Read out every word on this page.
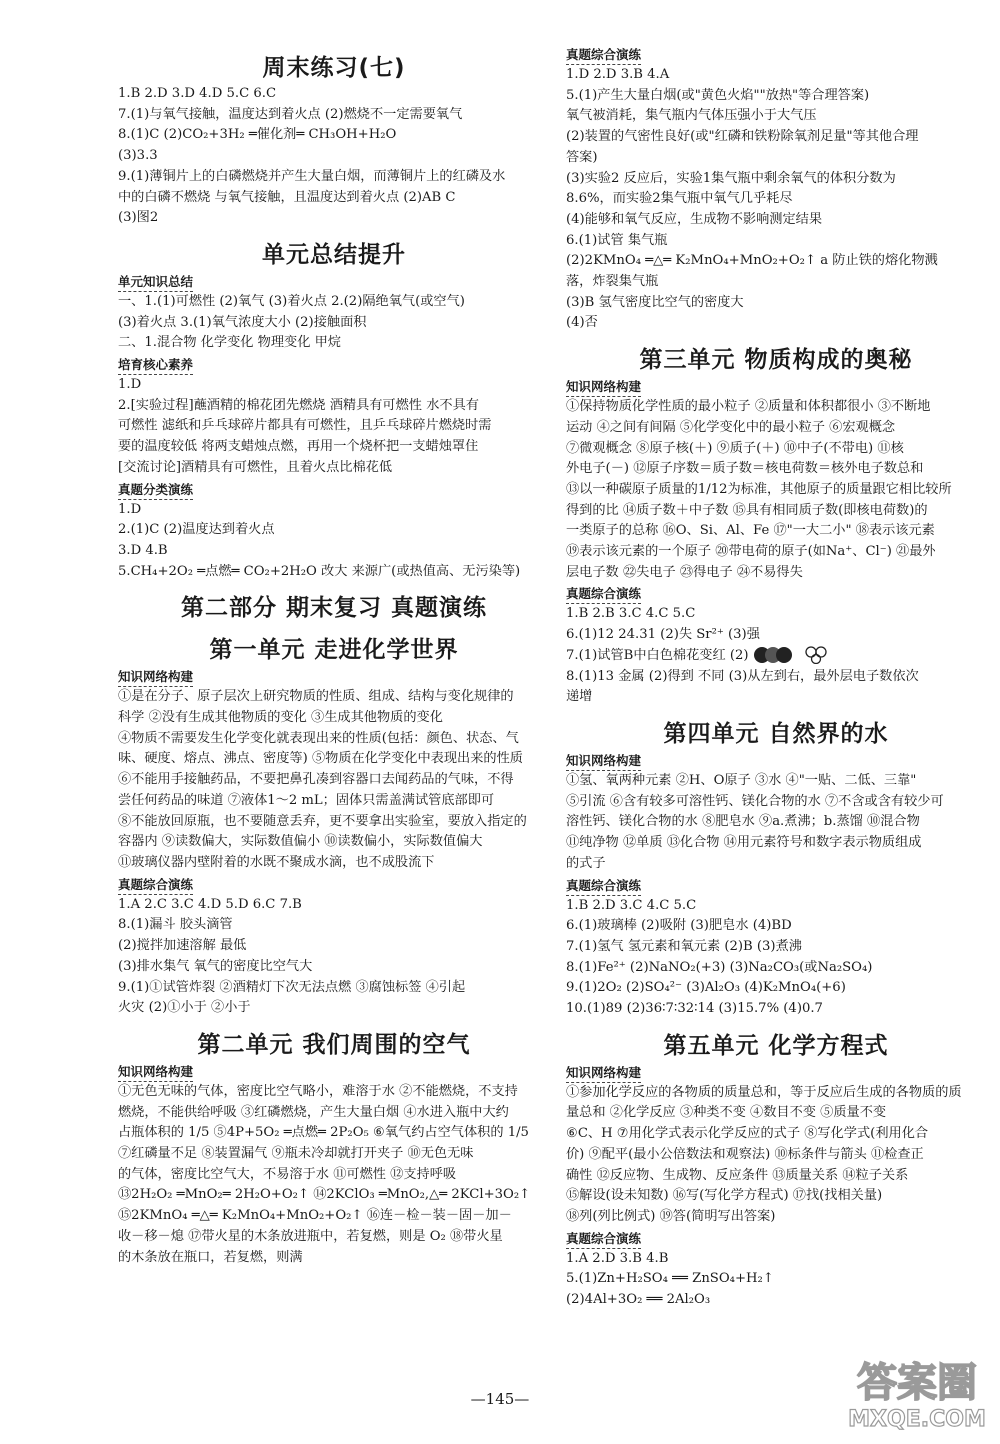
周末练习(七)

1.B 2.D 3.D 4.D 5.C 6.C

7.(1)与氧气接触，温度达到着火点 (2)燃烧不一定需要氧气

8.(1)C (2)CO₂+3H₂ ═催化剂═ CH₃OH+H₂O

(3)3.3

9.(1)薄铜片上的白磷燃烧并产生大量白烟，而薄铜片上的红磷及水

中的白磷不燃烧 与氧气接触，且温度达到着火点 (2)AB C

(3)图2

单元总结提升
单元知识总结

一、1.(1)可燃性 (2)氧气 (3)着火点 2.(2)隔绝氧气(或空气)

(3)着火点 3.(1)氧气浓度大小 (2)接触面积

二、1.混合物 化学变化 物理变化 甲烷

培育核心素养

1.D

2.[实验过程]蘸酒精的棉花团先燃烧 酒精具有可燃性 水不具有

可燃性 滤纸和乒乓球碎片都具有可燃性，且乒乓球碎片燃烧时需

要的温度较低 将两支蜡烛点燃，再用一个烧杯把一支蜡烛罩住

[交流讨论]酒精具有可燃性，且着火点比棉花低

真题分类演练

1.D

2.(1)C (2)温度达到着火点

3.D 4.B

5.CH₄+2O₂ ═点燃═ CO₂+2H₂O 改大 来源广(或热值高、无污染等)

第二部分 期末复习 真题演练
第一单元 走进化学世界
知识网络构建

①是在分子、原子层次上研究物质的性质、组成、结构与变化规律的

科学 ②没有生成其他物质的变化 ③生成其他物质的变化

④物质不需要发生化学变化就表现出来的性质(包括：颜色、状态、气

味、硬度、熔点、沸点、密度等) ⑤物质在化学变化中表现出来的性质

⑥不能用手接触药品，不要把鼻孔凑到容器口去闻药品的气味，不得

尝任何药品的味道 ⑦液体1～2 mL；固体只需盖满试管底部即可

⑧不能放回原瓶，也不要随意丢弃，更不要拿出实验室，要放入指定的

容器内 ⑨读数偏大，实际数值偏小 ⑩读数偏小，实际数值偏大

⑪玻璃仪器内壁附着的水既不聚成水滴，也不成股流下

真题综合演练

1.A 2.C 3.C 4.D 5.D 6.C 7.B

8.(1)漏斗 胶头滴管

(2)搅拌加速溶解 最低

(3)排水集气 氧气的密度比空气大

9.(1)①试管炸裂 ②酒精灯下次无法点燃 ③腐蚀标签 ④引起

火灾 (2)①小于 ②小于

第二单元 我们周围的空气
知识网络构建

①无色无味的气体，密度比空气略小，难溶于水 ②不能燃烧，不支持

燃烧，不能供给呼吸 ③红磷燃烧，产生大量白烟 ④水进入瓶中大约

占瓶体积的 1/5 ⑤4P+5O₂ ═点燃═ 2P₂O₅ ⑥氧气约占空气体积的 1/5

⑦红磷量不足 ⑧装置漏气 ⑨瓶未冷却就打开夹子 ⑩无色无味

的气体，密度比空气大，不易溶于水 ⑪可燃性 ⑫支持呼吸

⑬2H₂O₂ ═MnO₂═ 2H₂O+O₂↑ ⑭2KClO₃ ═MnO₂,△═ 2KCl+3O₂↑

⑮2KMnO₄ ═△═ K₂MnO₄+MnO₂+O₂↑ ⑯连－检－装－固－加－

收－移－熄 ⑰带火星的木条放进瓶中，若复燃，则是 O₂ ⑱带火星

的木条放在瓶口，若复燃，则满

真题综合演练

1.D 2.D 3.B 4.A

5.(1)产生大量白烟(或"黄色火焰""放热"等合理答案)

氧气被消耗，集气瓶内气体压强小于大气压

(2)装置的气密性良好(或"红磷和铁粉除氧剂足量"等其他合理

答案)

(3)实验2 反应后，实验1集气瓶中剩余氧气的体积分数为

8.6%，而实验2集气瓶中氧气几乎耗尽

(4)能够和氧气反应，生成物不影响测定结果

6.(1)试管 集气瓶

(2)2KMnO₄ ═△═ K₂MnO₄+MnO₂+O₂↑ a 防止铁的熔化物溅

落，炸裂集气瓶

(3)B 氢气密度比空气的密度大

(4)否

第三单元 物质构成的奥秘
知识网络构建

①保持物质化学性质的最小粒子 ②质量和体积都很小 ③不断地

运动 ④之间有间隔 ⑤化学变化中的最小粒子 ⑥宏观概念

⑦微观概念 ⑧原子核(＋) ⑨质子(＋) ⑩中子(不带电) ⑪核

外电子(－) ⑫原子序数＝质子数＝核电荷数＝核外电子数总和

⑬以一种碳原子质量的1/12为标准，其他原子的质量跟它相比较所

得到的比 ⑭质子数＋中子数 ⑮具有相同质子数(即核电荷数)的

一类原子的总称 ⑯O、Si、Al、Fe ⑰"一大二小" ⑱表示该元素

⑲表示该元素的一个原子 ⑳带电荷的原子(如Na⁺、Cl⁻) ㉑最外

层电子数 ㉒失电子 ㉓得电子 ㉔不易得失

真题综合演练

1.B 2.B 3.C 4.C 5.C

6.(1)12 24.31 (2)失 Sr²⁺ (3)强

7.(1)试管B中白色棉花变红 (2)

8.(1)13 金属 (2)得到 不同 (3)从左到右，最外层电子数依次

递增

第四单元 自然界的水
知识网络构建

①氢、氧两种元素 ②H、O原子 ③水 ④"一贴、二低、三靠"

⑤引流 ⑥含有较多可溶性钙、镁化合物的水 ⑦不含或含有较少可

溶性钙、镁化合物的水 ⑧肥皂水 ⑨a.煮沸；b.蒸馏 ⑩混合物

⑪纯净物 ⑫单质 ⑬化合物 ⑭用元素符号和数字表示物质组成

的式子

真题综合演练

1.B 2.D 3.C 4.C 5.C

6.(1)玻璃棒 (2)吸附 (3)肥皂水 (4)BD

7.(1)氢气 氢元素和氧元素 (2)B (3)煮沸

8.(1)Fe²⁺ (2)NaNO₂(+3) (3)Na₂CO₃(或Na₂SO₄)

9.(1)2O₂ (2)SO₄²⁻ (3)Al₂O₃ (4)K₂MnO₄(+6)

10.(1)89 (2)36∶7∶32∶14 (3)15.7% (4)0.7

第五单元 化学方程式
知识网络构建

①参加化学反应的各物质的质量总和，等于反应后生成的各物质的质

量总和 ②化学反应 ③种类不变 ④数目不变 ⑤质量不变

⑥C、H ⑦用化学式表示化学反应的式子 ⑧写化学式(利用化合

价) ⑨配平(最小公倍数法和观察法) ⑩标条件与箭头 ⑪检查正

确性 ⑫反应物、生成物、反应条件 ⑬质量关系 ⑭粒子关系

⑮解设(设未知数) ⑯写(写化学方程式) ⑰找(找相关量)

⑱列(列比例式) ⑲答(简明写出答案)

真题综合演练

1.A 2.D 3.B 4.B

5.(1)Zn+H₂SO₄ ══ ZnSO₄+H₂↑

(2)4Al+3O₂ ══ 2Al₂O₃

—145—	答案圈
MXQE.COM
